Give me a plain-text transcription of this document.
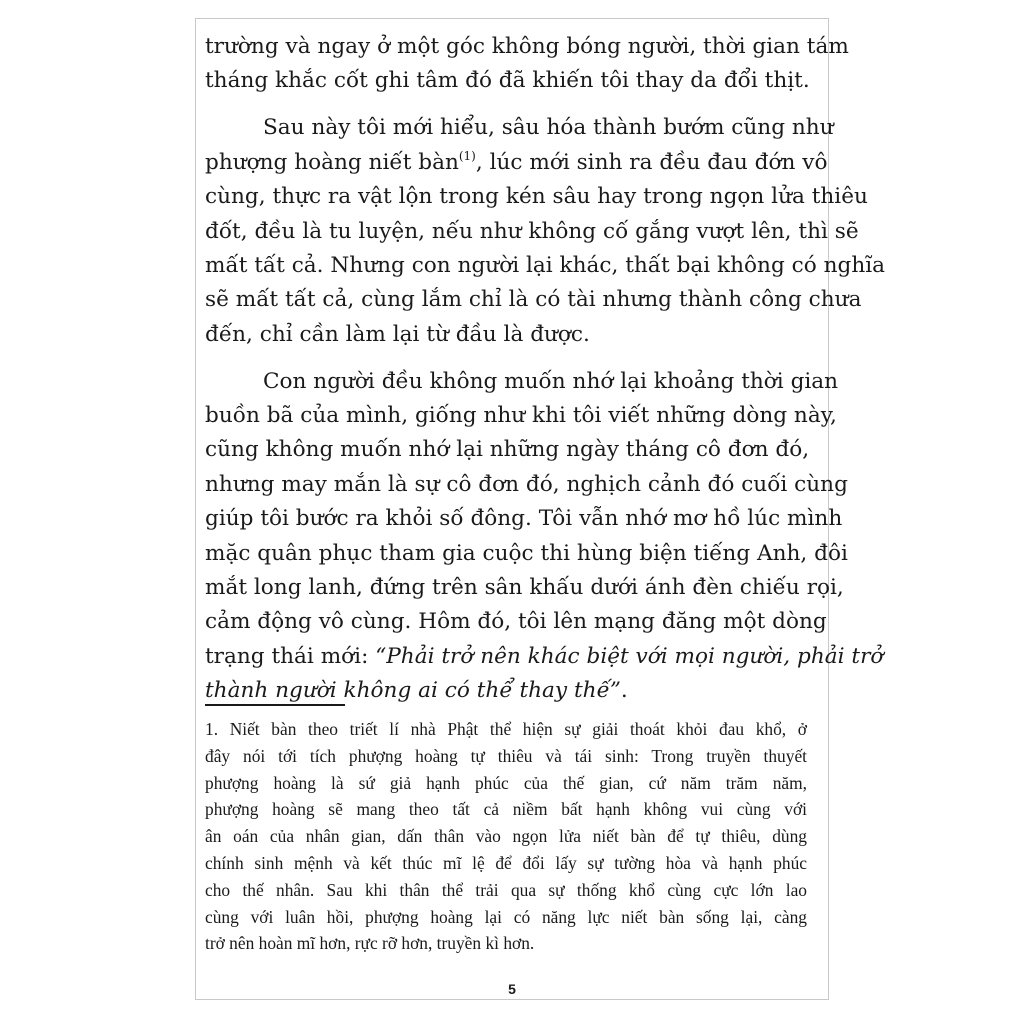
trường và ngay ở một góc không bóng người, thời gian tám
tháng khắc cốt ghi tâm đó đã khiến tôi thay da đổi thịt.
Sau này tôi mới hiểu, sâu hóa thành bướm cũng như
phượng hoàng niết bàn$^{(1)}$, lúc mới sinh ra đều đau đớn vô
cùng, thực ra vật lộn trong kén sâu hay trong ngọn lửa thiêu
đốt, đều là tu luyện, nếu như không cố gắng vượt lên, thì sẽ
mất tất cả. Nhưng con người lại khác, thất bại không có nghĩa
sẽ mất tất cả, cùng lắm chỉ là có tài nhưng thành công chưa
đến, chỉ cần làm lại từ đầu là được.
Con người đều không muốn nhớ lại khoảng thời gian
buồn bã của mình, giống như khi tôi viết những dòng này,
cũng không muốn nhớ lại những ngày tháng cô đơn đó,
nhưng may mắn là sự cô đơn đó, nghịch cảnh đó cuối cùng
giúp tôi bước ra khỏi số đông. Tôi vẫn nhớ mơ hồ lúc mình
mặc quân phục tham gia cuộc thi hùng biện tiếng Anh, đôi
mắt long lanh, đứng trên sân khấu dưới ánh đèn chiếu rọi,
cảm động vô cùng. Hôm đó, tôi lên mạng đăng một dòng
trạng thái mới: “Phải trở nên khác biệt với mọi người, phải trở
thành người không ai có thể thay thế”.
1. Niết bàn theo triết lí nhà Phật thể hiện sự giải thoát khỏi đau khổ, ở
đây nói tới tích phượng hoàng tự thiêu và tái sinh: Trong truyền thuyết
phượng hoàng là sứ giả hạnh phúc của thế gian, cứ năm trăm năm,
phượng hoàng sẽ mang theo tất cả niềm bất hạnh không vui cùng với
ân oán của nhân gian, dấn thân vào ngọn lửa niết bàn để tự thiêu, dùng
chính sinh mệnh và kết thúc mĩ lệ để đổi lấy sự tường hòa và hạnh phúc
cho thế nhân. Sau khi thân thể trải qua sự thống khổ cùng cực lớn lao
cùng với luân hồi, phượng hoàng lại có năng lực niết bàn sống lại, càng
trở nên hoàn mĩ hơn, rực rỡ hơn, truyền kì hơn.
5
